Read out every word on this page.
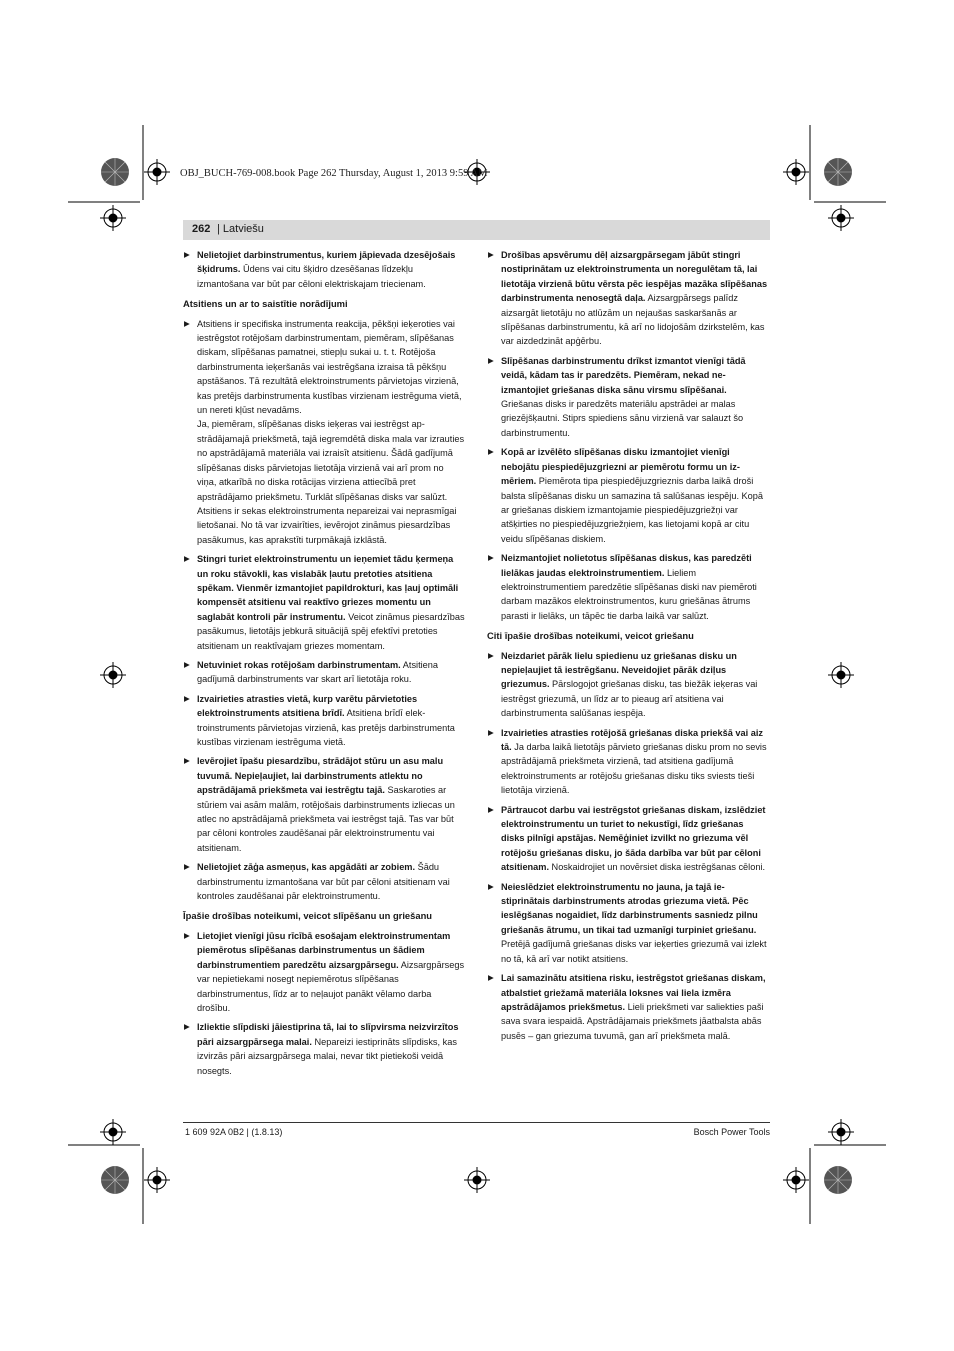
OBJ_BUCH-769-008.book Page 262 Thursday, August 1, 2013 9:59 AM
262
|	Latviešu

▶ Nelietojiet darbinstrumentus, kuriem jāpievada dzesējošais šķidrums. Ūdens vai citu šķidro dzesēšanas līdzekļu izmantošana var būt par cēloni elektriskajam triecienam.

Atsitiens un ar to saistītie norādījumi

▶ Atsitiens ir specifiska instrumenta reakcija, pēkšņi ieķeroties vai iestrēgstot rotējošam darbinstrumentam, piemēram, slīpēšanas diskam, slīpēšanas pamatnei, stiepļu sukai u. t. t. Rotējoša darbinstrumenta ieķeršanās vai iestrēgšana izraisa tā pēkšņu apstāšanos. Tā rezultātā elektroinstruments pārvietojas virzienā, kas pretējs darbinstrumenta kustības virzienam iestrēguma vietā, un nereti kļūst nevadāms.

Ja, piemēram, slīpēšanas disks ieķeras vai iestrēgst apstrādājamajā priekšmetā, tajā iegremdētā diska mala var izrauties no apstrādājamā materiāla vai izraisīt atsitienu. Šādā gadījumā slīpēšanas disks pārvietojas lietotāja virzienā vai arī prom no viņa, atkarībā no diska rotācijas virziena attiecībā pret apstrādājamo priekšmetu. Turklāt slīpēšanas disks var salūzt.

Atsitiens ir sekas elektroinstrumenta nepareizai vai neprasmīgai lietošanai. No tā var izvairīties, ievērojot zināmus piesardzības pasākumus, kas aprakstīti turpmākajā izklāstā.

▶ Stingri turiet elektroinstrumentu un ieņemiet tādu ķermeņa un roku stāvokli, kas vislabāk ļautu pretoties atsitiena spēkam. Vienmēr izmantojiet papildrokturi, kas ļauj optimāli kompensēt atsitienu vai reaktīvo griezes momentu un saglabāt kontroli pār instrumentu. Veicot zināmus piesardzības pasākumus, lietotājs jebkurā situācijā spēj efektīvi pretoties atsitienam un reaktīvajam griezes momentam.

▶ Netuviniet rokas rotējošam darbinstrumentam. Atsitiena gadījumā darbinstruments var skart arī lietotāja roku.

▶ Izvairieties atrasties vietā, kurp varētu pārvietoties elektroinstruments atsitiena brīdī. Atsitiena brīdī elektroinstruments pārvietojas virzienā, kas pretējs darbinstrumenta kustības virzienam iestrēguma vietā.

▶ Ievērojiet īpašu piesardzību, strādājot stūru un asu malu tuvumā. Nepieļaujiet, lai darbinstruments atlektu no apstrādājamā priekšmeta vai iestrēgtu tajā. Saskaroties ar stūriem vai asām malām, rotējošais darbinstruments izliecas un atlec no apstrādājamā priekšmeta vai iestrēgst tajā. Tas var būt par cēloni kontroles zaudēšanai pār elektroinstrumentu vai atsitienam.

▶ Nelietojiet zāģa asmeņus, kas apgādāti ar zobiem. Šādu darbinstrumentu izmantošana var būt par cēloni atsitienam vai kontroles zaudēšanai pār elektroinstrumentu.

Īpašie drošības noteikumi, veicot slīpēšanu un griešanu

▶ Lietojiet vienīgi jūsu rīcībā esošajam elektroinstrumentam piemērotus slīpēšanas darbinstrumentus un šādiem darbinstrumentiem paredzētu aizsargpārsegu. Aizsargpārsegs var nepietiekami nosegt nepiemērotus slīpēšanas darbinstrumentus, līdz ar to neļaujot panākt vēlamo darba drošību.

▶ Izliektie slīpdiski jāiestiprina tā, lai to slīpvirsma neizvirzītos pāri aizsargpārsega malai. Nepareizi iestiprināts slīpdisks, kas izvirzās pāri aizsargpārsega malai, nevar tikt pietiekoši veidā nosegts.

▶ Drošības apsvērumu dēļ aizsargpārsegam jābūt stingri nostiprinātam uz elektroinstrumenta un noregulētam tā, lai lietotāja virzienā būtu vērsta pēc iespējas mazāka slīpēšanas darbinstrumenta nenosegtā daļa. Aizsargpārsegs palīdz aizsargāt lietotāju no atlūzām un nejaušas saskaršanās ar slīpēšanas darbinstrumentu, kā arī no lidojošām dzirkstelēm, kas var aizdedzināt apģērbu.

▶ Slīpēšanas darbinstrumentu drīkst izmantot vienīgi tādā veidā, kādam tas ir paredzēts. Piemēram, nekad neizmantojiet griešanas diska sānu virsmu slīpēšanai. Griešanas disks ir paredzēts materiālu apstrādei ar malas griezējšķautni. Stiprs spiediens sānu virzienā var salauzt šo darbinstrumentu.

▶ Kopā ar izvēlēto slīpēšanas disku izmantojiet vienīgi nebojātu piespiedējuzgriezni ar piemērotu formu un izmēriem. Piemērota tipa piespiedējuzgrieznis darba laikā droši balsta slīpēšanas disku un samazina tā salūšanas iespēju. Kopā ar griešanas diskiem izmantojamie piespiedējuzgriežņi var atšķirties no piespiedējuzgriežņiem, kas lietojami kopā ar citu veidu slīpēšanas diskiem.

▶ Neizmantojiet nolietotus slīpēšanas diskus, kas paredzēti lielākas jaudas elektroinstrumentiem. Lieliem elektroinstrumentiem paredzētie slīpēšanas diski nav piemēroti darbam mazākos elektroinstrumentos, kuru griešānas ātrums parasti ir lielāks, un tāpēc tie darba laikā var salūzt.

Citi īpašie drošības noteikumi, veicot griešanu

▶ Neizdariet pārāk lielu spiedienu uz griešanas disku un nepieļaujiet tā iestrēgšanu. Neveidojiet pārāk dziļus griezumus. Pārslogojot griešanas disku, tas biežāk ieķeras vai iestrēgst griezumā, un līdz ar to pieaug arī atsitiena vai darbinstrumenta salūšanas iespēja.

▶ Izvairieties atrasties rotējošā griešanas diska priekšā vai aiz tā. Ja darba laikā lietotājs pārvieto griešanas disku prom no sevis apstrādājamā priekšmeta virzienā, tad atsitiena gadījumā elektroinstruments ar rotējošu griešanas disku tiks sviests tieši lietotāja virzienā.

▶ Pārtraucot darbu vai iestrēgstot griešanas diskam, izslēdziet elektroinstrumentu un turiet to nekustīgi, līdz griešanas disks pilnīgi apstājas. Nemēģiniet izvilkt no griezuma vēl rotējošu griešanas disku, jo šāda darbība var būt par cēloni atsitienam. Noskaidrojiet un novērsiet diska iestrēgšanas cēloni.

▶ Neieslēdziet elektroinstrumentu no jauna, ja tajā iestiprinātais darbinstruments atrodas griezuma vietā. Pēc ieslēgšanas nogaidiet, līdz darbinstruments sasniedz pilnu griešanās ātrumu, un tikai tad uzmanīgi turpiniet griešanu. Pretējā gadījumā griešanas disks var ieķerties griezumā vai izlekt no tā, kā arī var notikt atsitiens.

▶ Lai samazinātu atsitiena risku, iestrēgstot griešanas diskam, atbalstiet griežamā materiāla loksnes vai liela izmēra apstrādājamos priekšmetus. Lieli priekšmeti var saliekties paši sava svara iespaidā. Apstrādājamais priekšmets jāatbalsta abās pusēs – gan griezuma tuvumā, gan arī priekšmeta malā.

1 609 92A 0B2 | (1.8.13)	Bosch Power Tools
